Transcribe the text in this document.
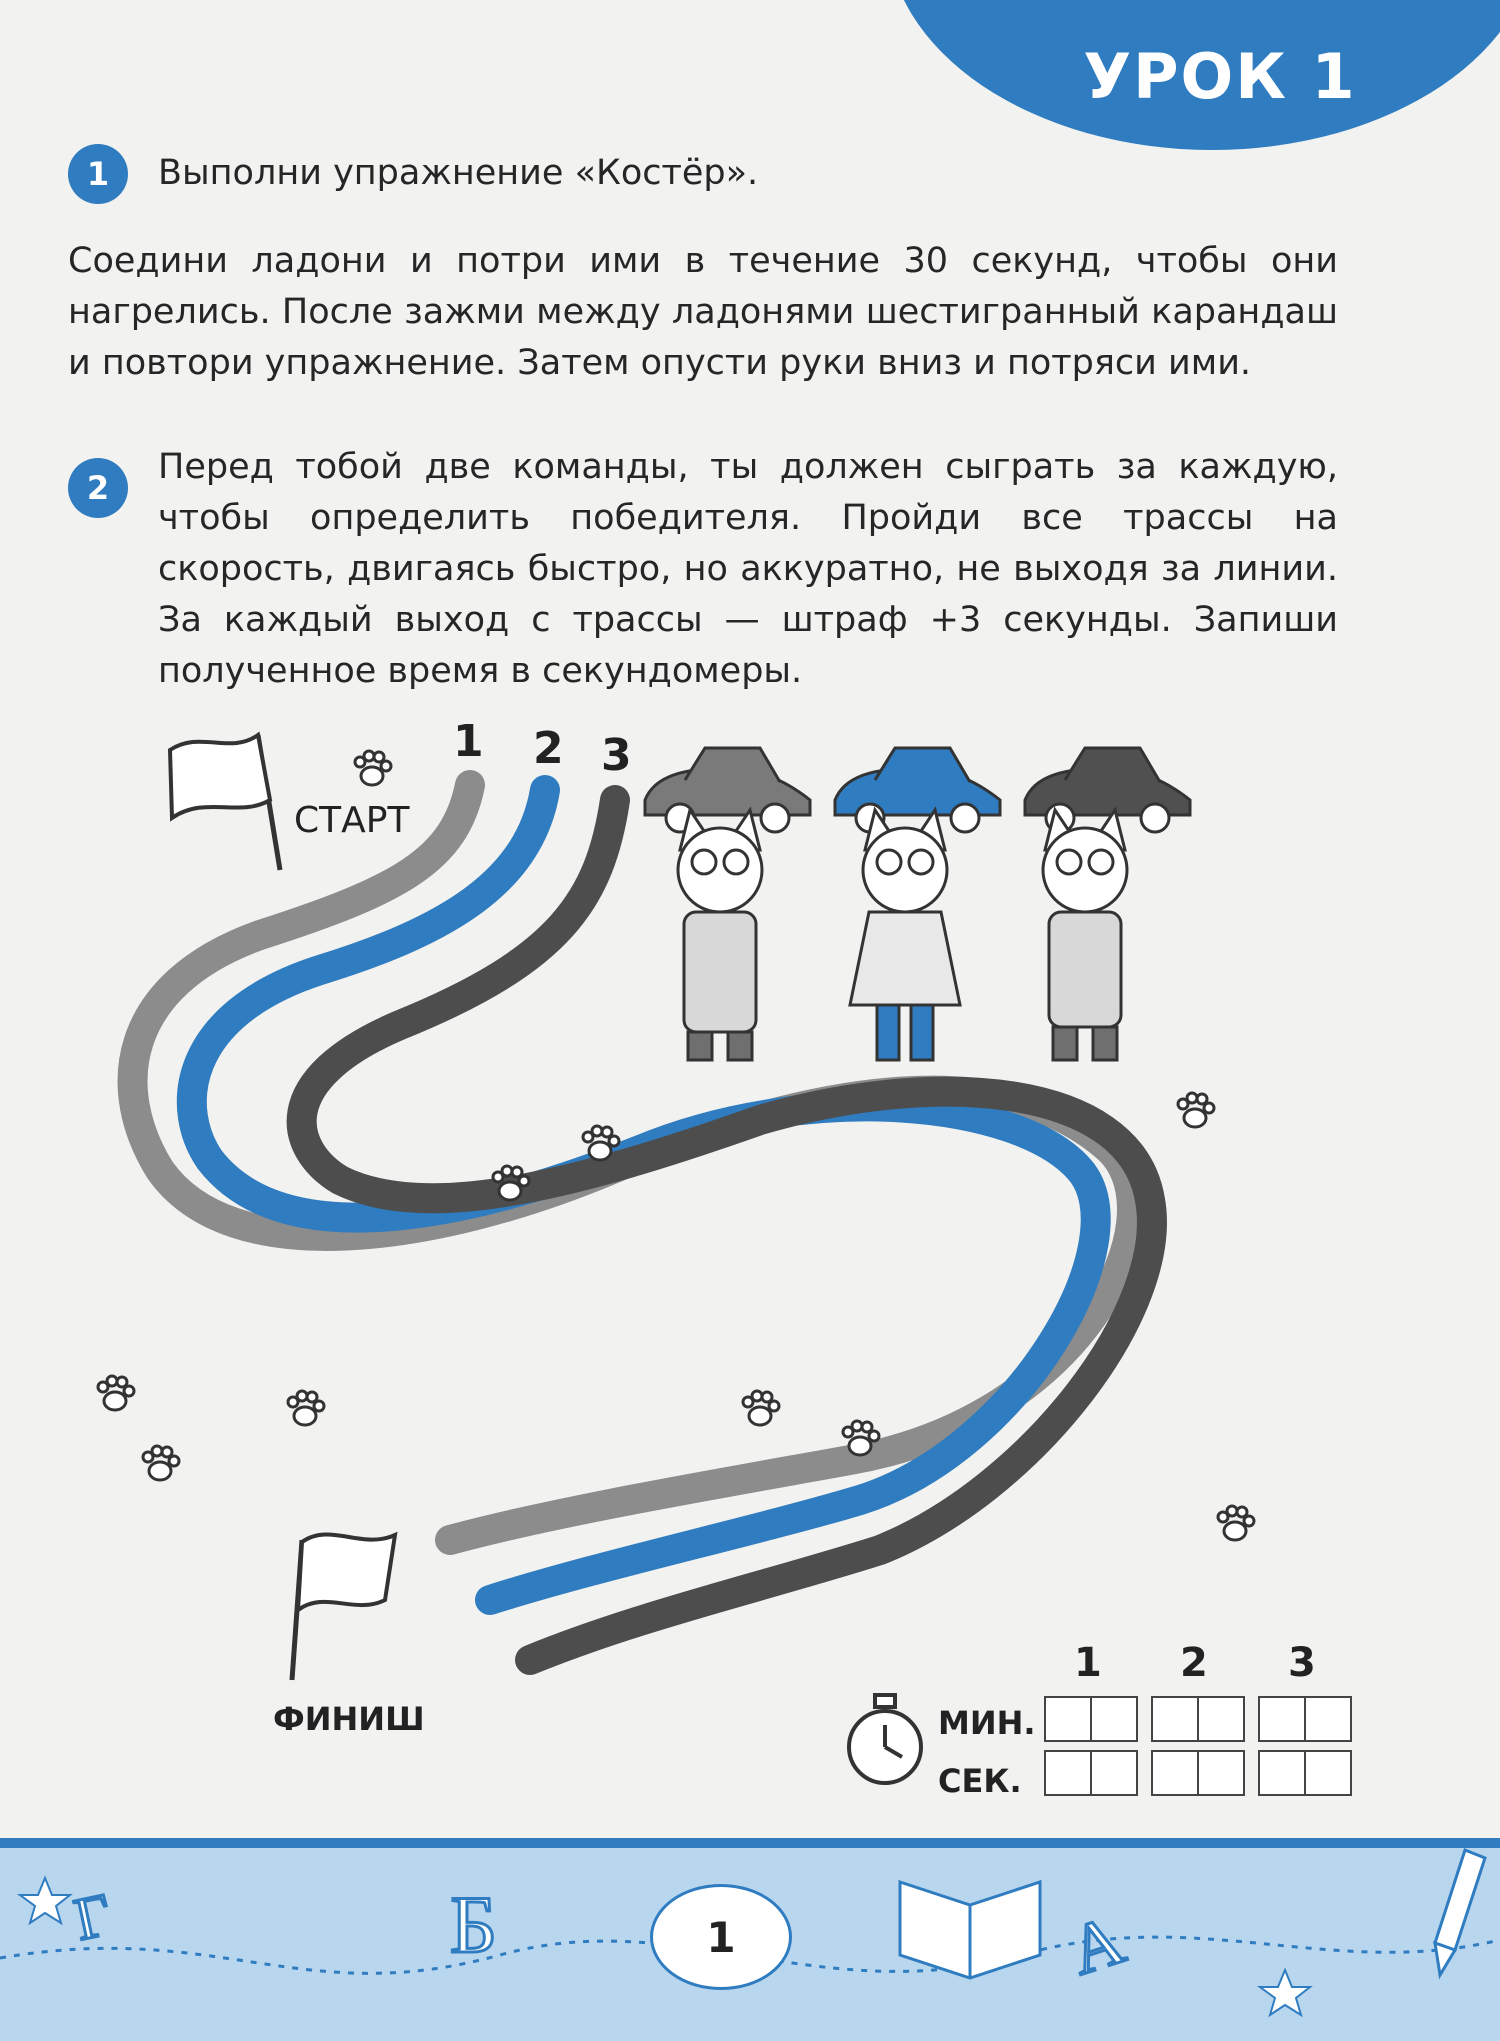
УРОК 1
1	Выполни упражнение «Костёр».
Соедини ладони и потри ими в течение 30 секунд, чтобы они нагрелись. После зажми между ладонями шестигранный карандаш и повтори упражнение. Затем опусти руки вниз и потряси ими.
2
Перед тобой две команды, ты должен сыграть за каждую, чтобы определить победителя. Пройди все трассы на скорость, двигаясь быстро, но аккуратно, не выходя за линии. За каждый выход с трассы — штраф +3 секунды. Запиши полученное время в секундомеры.
1 2 3
СТАРТ
ФИНИШ
1 2 3
МИН.
СЕК.
Г	Б	А
1
